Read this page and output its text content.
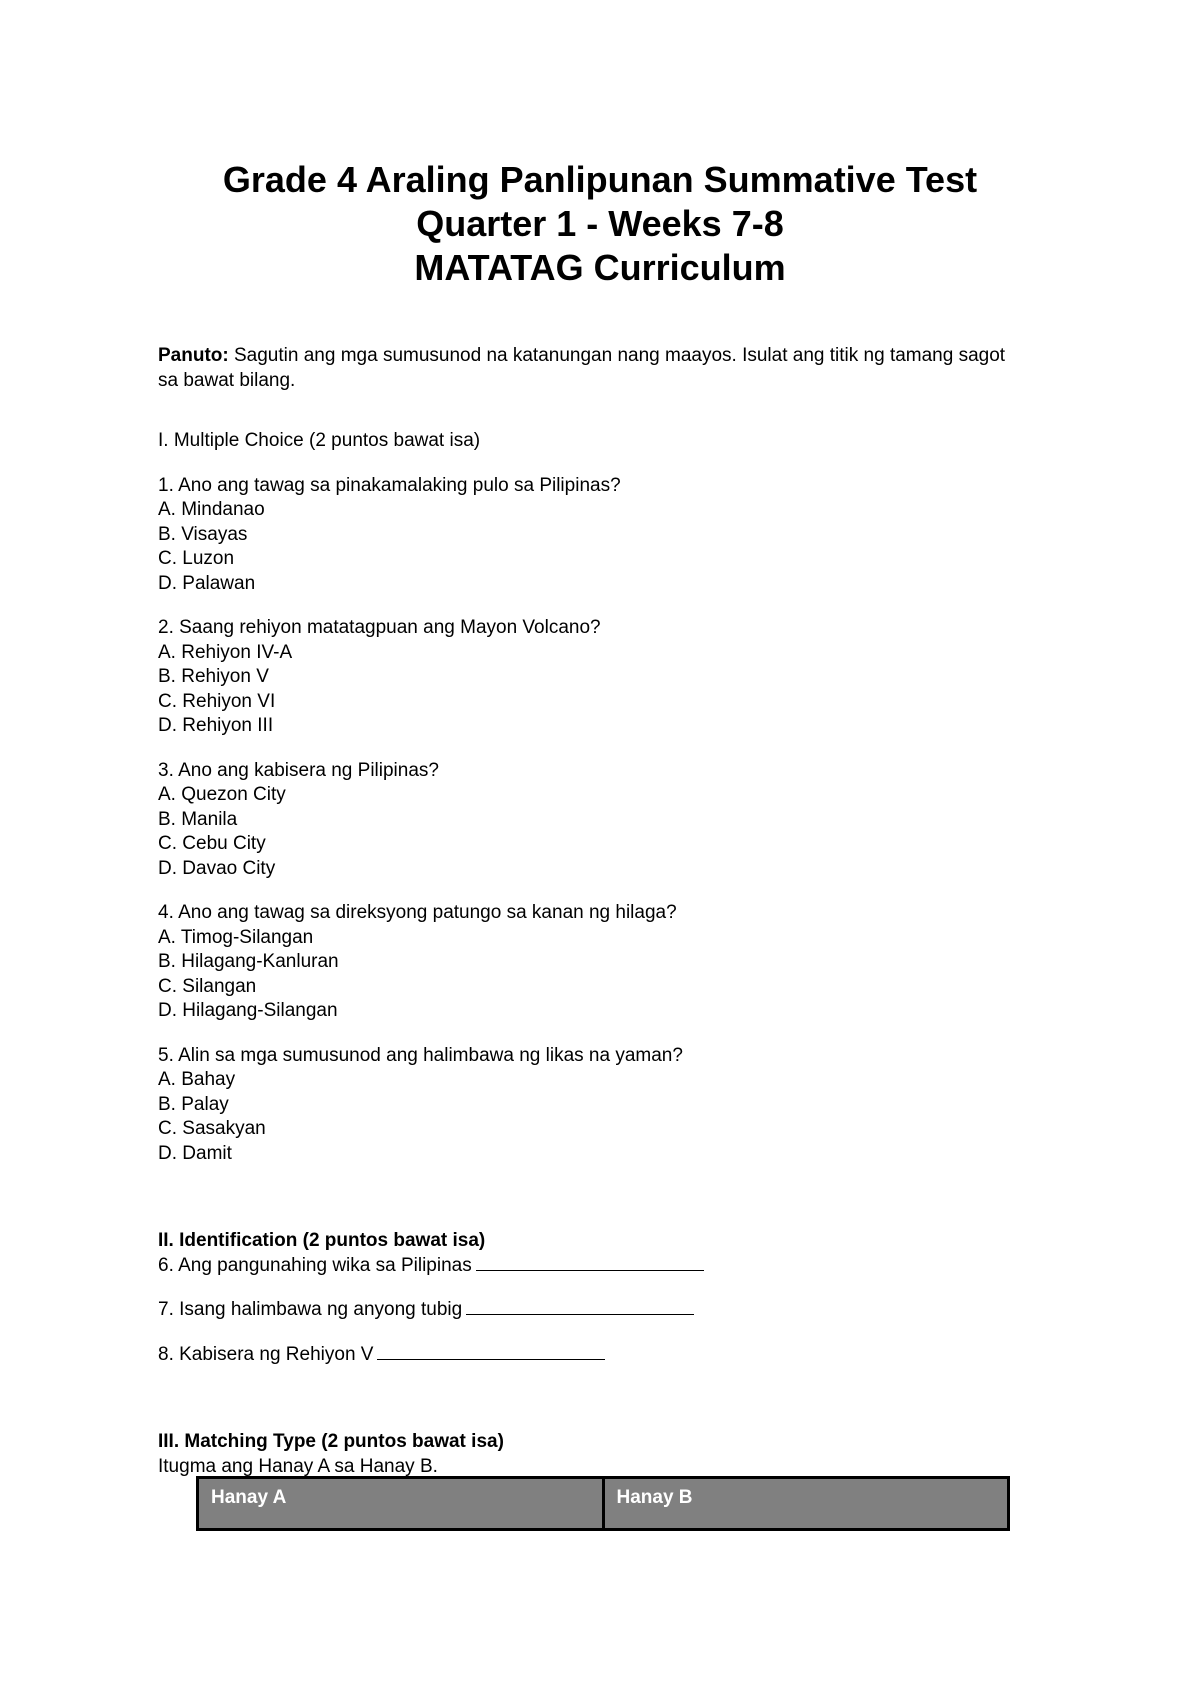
Grade 4 Araling Panlipunan Summative Test

Quarter 1 - Weeks 7-8

MATATAG Curriculum

Panuto: Sagutin ang mga sumusunod na katanungan nang maayos. Isulat ang titik ng tamang sagot sa bawat bilang.

I. Multiple Choice (2 puntos bawat isa)

1. Ano ang tawag sa pinakamalaking pulo sa Pilipinas?

A. Mindanao

B. Visayas

C. Luzon

D. Palawan

2. Saang rehiyon matatagpuan ang Mayon Volcano?

A. Rehiyon IV-A

B. Rehiyon V

C. Rehiyon VI

D. Rehiyon III

3. Ano ang kabisera ng Pilipinas?

A. Quezon City

B. Manila

C. Cebu City

D. Davao City

4. Ano ang tawag sa direksyong patungo sa kanan ng hilaga?

A. Timog-Silangan

B. Hilagang-Kanluran

C. Silangan

D. Hilagang-Silangan

5. Alin sa mga sumusunod ang halimbawa ng likas na yaman?

A. Bahay

B. Palay

C. Sasakyan

D. Damit

II. Identification (2 puntos bawat isa)

6. Ang pangunahing wika sa Pilipinas

7. Isang halimbawa ng anyong tubig

8. Kabisera ng Rehiyon V

III. Matching Type (2 puntos bawat isa)

Itugma ang Hanay A sa Hanay B.

Hanay A	Hanay B
